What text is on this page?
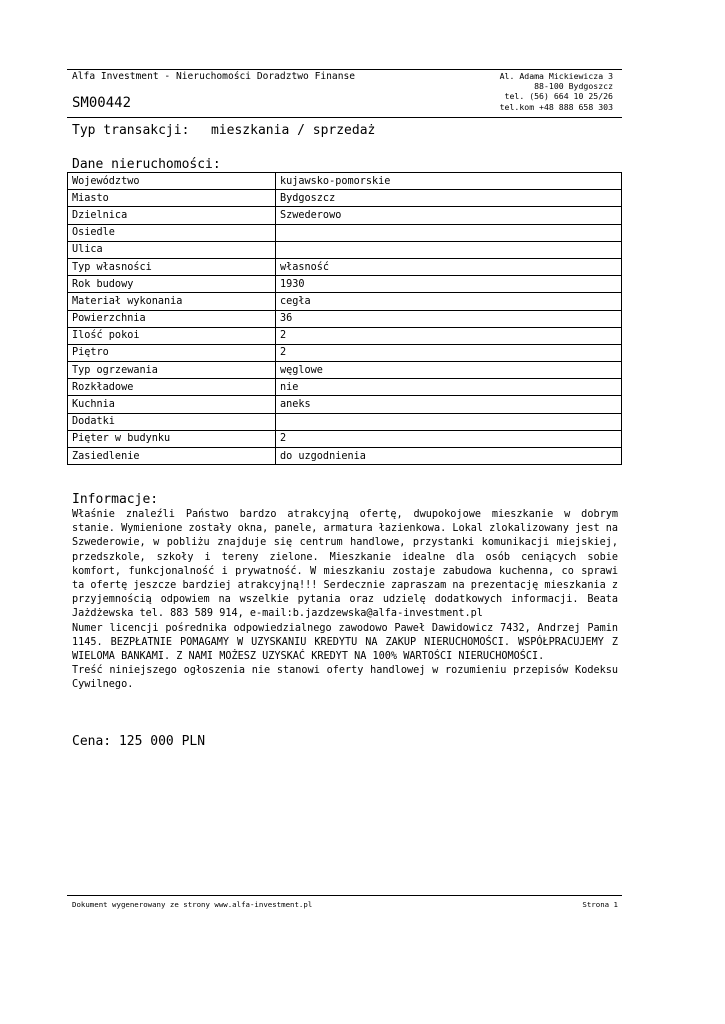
Alfa Investment - Nieruchomości Doradztwo Finanse
SM00442
Al. Adama Mickiewicza 3
88-100 Bydgoszcz
tel. (56) 664 10 25/26
tel.kom +48 888 658 303
Typ transakcji: mieszkania / sprzedaż
Dane nieruchomości:
Województwo	kujawsko-pomorskie
Miasto	Bydgoszcz
Dzielnica	Szwederowo
Osiedle	
Ulica	
Typ własności	własność
Rok budowy	1930
Materiał wykonania	cegła
Powierzchnia	36
Ilość pokoi	2
Piętro	2
Typ ogrzewania	węglowe
Rozkładowe	nie
Kuchnia	aneks
Dodatki	
Pięter w budynku	2
Zasiedlenie	do uzgodnienia
Informacje:

Właśnie znaleźli Państwo bardzo atrakcyjną ofertę, dwupokojowe mieszkanie w dobrym stanie. Wymienione zostały okna, panele, armatura łazienkowa. Lokal zlokalizowany jest na Szwederowie, w pobliżu znajduje się centrum handlowe, przystanki komunikacji miejskiej, przedszkole, szkoły i tereny zielone. Mieszkanie idealne dla osób ceniących sobie komfort, funkcjonalność i prywatność. W mieszkaniu zostaje zabudowa kuchenna, co sprawi ta ofertę jeszcze bardziej atrakcyjną!!! Serdecznie zapraszam na prezentację mieszkania z przyjemnością odpowiem na wszelkie pytania oraz udzielę dodatkowych informacji. Beata Jażdżewska tel. 883 589 914, e-mail:b.jazdzewska@alfa-investment.pl

Numer licencji pośrednika odpowiedzialnego zawodowo Paweł Dawidowicz 7432, Andrzej Pamin 1145. BEZPŁATNIE POMAGAMY W UZYSKANIU KREDYTU NA ZAKUP NIERUCHOMOŚCI. WSPÓŁPRACUJEMY Z WIELOMA BANKAMI. Z NAMI MOŻESZ UZYSKAĆ KREDYT NA 100% WARTOŚCI NIERUCHOMOŚCI.

Treść niniejszego ogłoszenia nie stanowi oferty handlowej w rozumieniu przepisów Kodeksu Cywilnego.

Cena: 125 000 PLN
Dokument wygenerowany ze strony www.alfa-investment.pl	Strona 1
